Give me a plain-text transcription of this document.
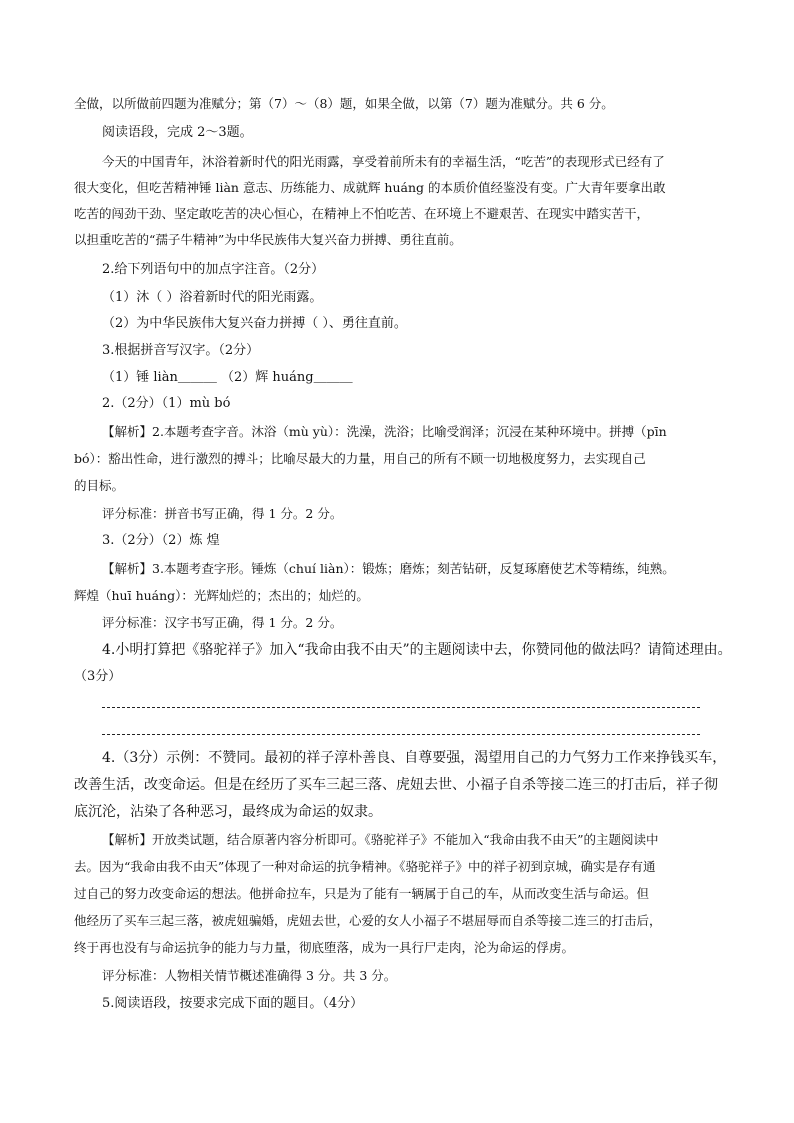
全做，以所做前四题为准赋分；第（7）～（8）题，如果全做，以第（7）题为准赋分。共 6 分。
阅读语段，完成 2～3题。
今天的中国青年，沐浴着新时代的阳光雨露，享受着前所未有的幸福生活，“吃苦”的表现形式已经有了
很大变化，但吃苦精神锤 liàn 意志、历练能力、成就辉 huáng 的本质价值经鉴没有变。广大青年要拿出敢
吃苦的闯劲干劲、坚定敢吃苦的决心恒心，在精神上不怕吃苦、在环境上不避艰苦、在现实中踏实苦干，
以担重吃苦的“孺子牛精神”为中华民族伟大复兴奋力拼搏、勇往直前。
2.给下列语句中的加点字注音。（2分）
（1）沐（ ）浴着新时代的阳光雨露。
（2）为中华民族伟大复兴奋力拼搏（ ）、勇往直前。
3.根据拼音写汉字。（2分）
（1）锤 liàn＿＿＿ （2）辉 huáng＿＿＿
2.（2分）（1）mù bó
【解析】2.本题考查字音。沐浴（mù yù）：洗澡，洗浴；比喻受润泽；沉浸在某种环境中。拼搏（pīn
bó）：豁出性命，进行激烈的搏斗；比喻尽最大的力量，用自己的所有不顾一切地极度努力，去实现自己
的目标。
评分标准：拼音书写正确，得 1 分。2 分。
3.（2分）（2）炼 煌
【解析】3.本题考查字形。锤炼（chuí liàn）：锻炼；磨炼；刻苦钻研，反复琢磨使艺术等精练，纯熟。
辉煌（huī huáng）：光辉灿烂的；杰出的；灿烂的。
评分标准：汉字书写正确，得 1 分。2 分。
4.小明打算把《骆驼祥子》加入“我命由我不由天”的主题阅读中去，你赞同他的做法吗？请简述理由。
（3分）
4.（3分）示例：不赞同。最初的祥子淳朴善良、自尊要强，渴望用自己的力气努力工作来挣钱买车，
改善生活，改变命运。但是在经历了买车三起三落、虎妞去世、小福子自杀等接二连三的打击后，祥子彻
底沉沦，沾染了各种恶习，最终成为命运的奴隶。
【解析】开放类试题，结合原著内容分析即可。《骆驼祥子》不能加入“我命由我不由天”的主题阅读中
去。因为“我命由我不由天”体现了一种对命运的抗争精神。《骆驼祥子》中的祥子初到京城，确实是存有通
过自己的努力改变命运的想法。他拼命拉车，只是为了能有一辆属于自己的车，从而改变生活与命运。但
他经历了买车三起三落，被虎妞骗婚，虎妞去世，心爱的女人小福子不堪屈辱而自杀等接二连三的打击后，
终于再也没有与命运抗争的能力与力量，彻底堕落，成为一具行尸走肉，沦为命运的俘虏。
评分标准：人物相关情节概述准确得 3 分。共 3 分。
5.阅读语段，按要求完成下面的题目。（4分）
